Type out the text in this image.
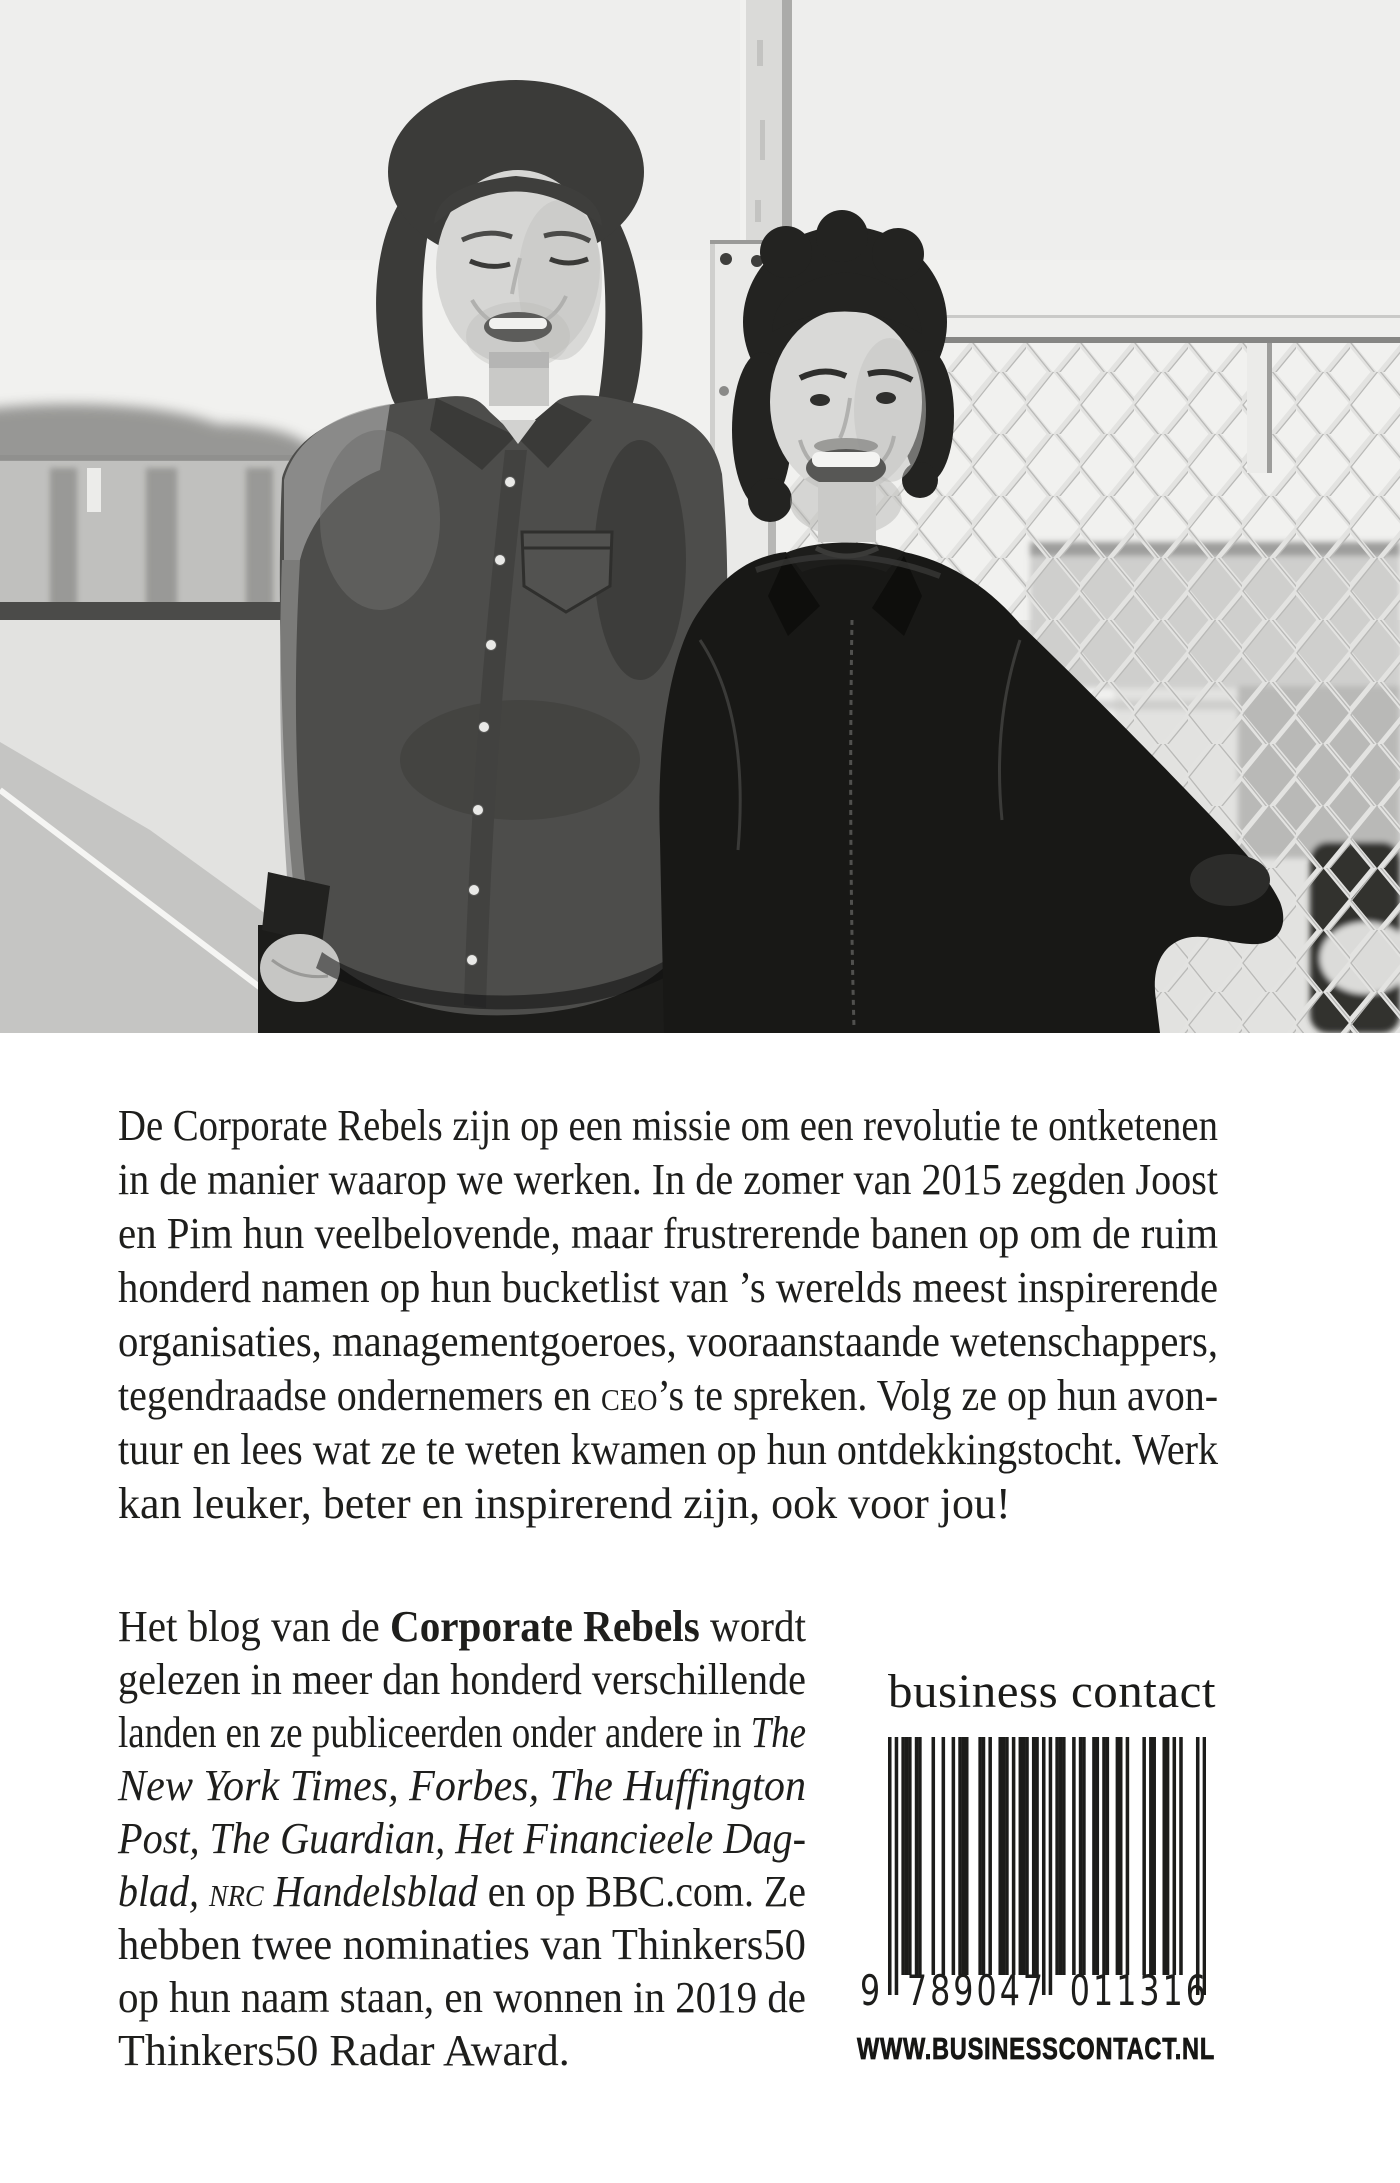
De Corporate Rebels zijn op een missie om een revolutie te ontketenen
in de manier waarop we werken. In de zomer van 2015 zegden Joost
en Pim hun veelbelovende, maar frustrerende banen op om de ruim
honderd namen op hun bucketlist van ’s werelds meest inspirerende
organisaties, managementgoeroes, vooraanstaande wetenschappers,
tegendraadse ondernemers en CEO’s te spreken. Volg ze op hun avon-
tuur en lees wat ze te weten kwamen op hun ontdekkingstocht. Werk
kan leuker, beter en inspirerend zijn, ook voor jou!
Het blog van de Corporate Rebels wordt
gelezen in meer dan honderd verschillende
landen en ze publiceerden onder andere in The
New York Times, Forbes, The Huffington
Post, The Guardian, Het Financieele Dag-
blad, NRC Handelsblad en op BBC.com. Ze
hebben twee nominaties van Thinkers50
op hun naam staan, en wonnen in 2019 de
Thinkers50 Radar Award.
business contact
9 789047 011316
WWW.BUSINESSCONTACT.NL
